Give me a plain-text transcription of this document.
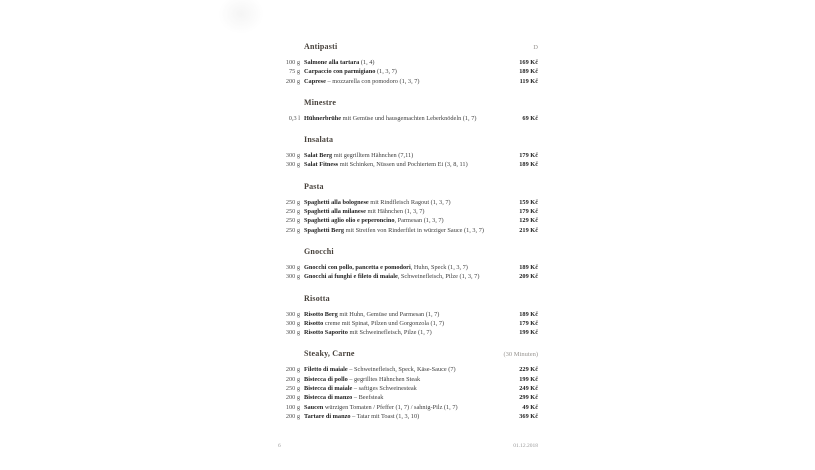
Antipasti	D
100 g Salmone alla tartara (1, 4)	169 Kč
75 g Carpaccio con parmigiano (1, 3, 7)	189 Kč
200 g Caprese – mozzarella con pomodoro (1, 3, 7)	119 Kč
Minestre
0,3 l Hühnerbrühe mit Gemüse und hausgemachten Leberknödeln (1, 7)	69 Kč
Insalata
300 g Salat Berg mit gegrilltem Hähnchen (7,11)	179 Kč
300 g Salat Fitness mit Schinken, Nüssen und Pochiertem Ei (3, 8, 11)	189 Kč
Pasta
250 g Spaghetti alla bolognese mit Rindfleisch Ragout (1, 3, 7)	159 Kč
250 g Spaghetti alla milanese mit Hähnchen (1, 3, 7)	179 Kč
250 g Spaghetti aglio olio e peperoncino, Parmesan (1, 3, 7)	129 Kč
250 g Spaghetti Berg mit Streifen von Rinderfilet in würziger Sauce (1, 3, 7)	219 Kč
Gnocchi
300 g Gnocchi con pollo, pancetta e pomodori, Huhn, Speck (1, 3, 7)	189 Kč
300 g Gnocchi ai funghi e fileto di maiale, Schweinefleisch, Pilze (1, 3, 7)	209 Kč
Risotta
300 g Risotto Berg mit Huhn, Gemüse und Parmesan (1, 7)	189 Kč
300 g Risotto creme mit Spinat, Pilzen und Gorgonzola (1, 7)	179 Kč
300 g Risotto Saporito mit Schweinefleisch, Pilze (1, 7)	199 Kč
Steaky, Carne	(30 Minuten)
200 g Filetto di maiale – Schweinefleisch, Speck, Käse-Sauce (7)	229 Kč
200 g Bistecca di pollo – gegrilltes Hähnchen Steak	199 Kč
250 g Bistecca di maiale – saftiges Schweinesteak	249 Kč
200 g Bistecca di manzo – Beefsteak	299 Kč
100 g Saucen würzigen Tomaten / Pfeffer (1, 7) / sahnig-Pilz (1, 7)	49 Kč
200 g Tartare di manzo – Tatar mit Toast (1, 3, 10)	369 Kč
6	01.12.2018
